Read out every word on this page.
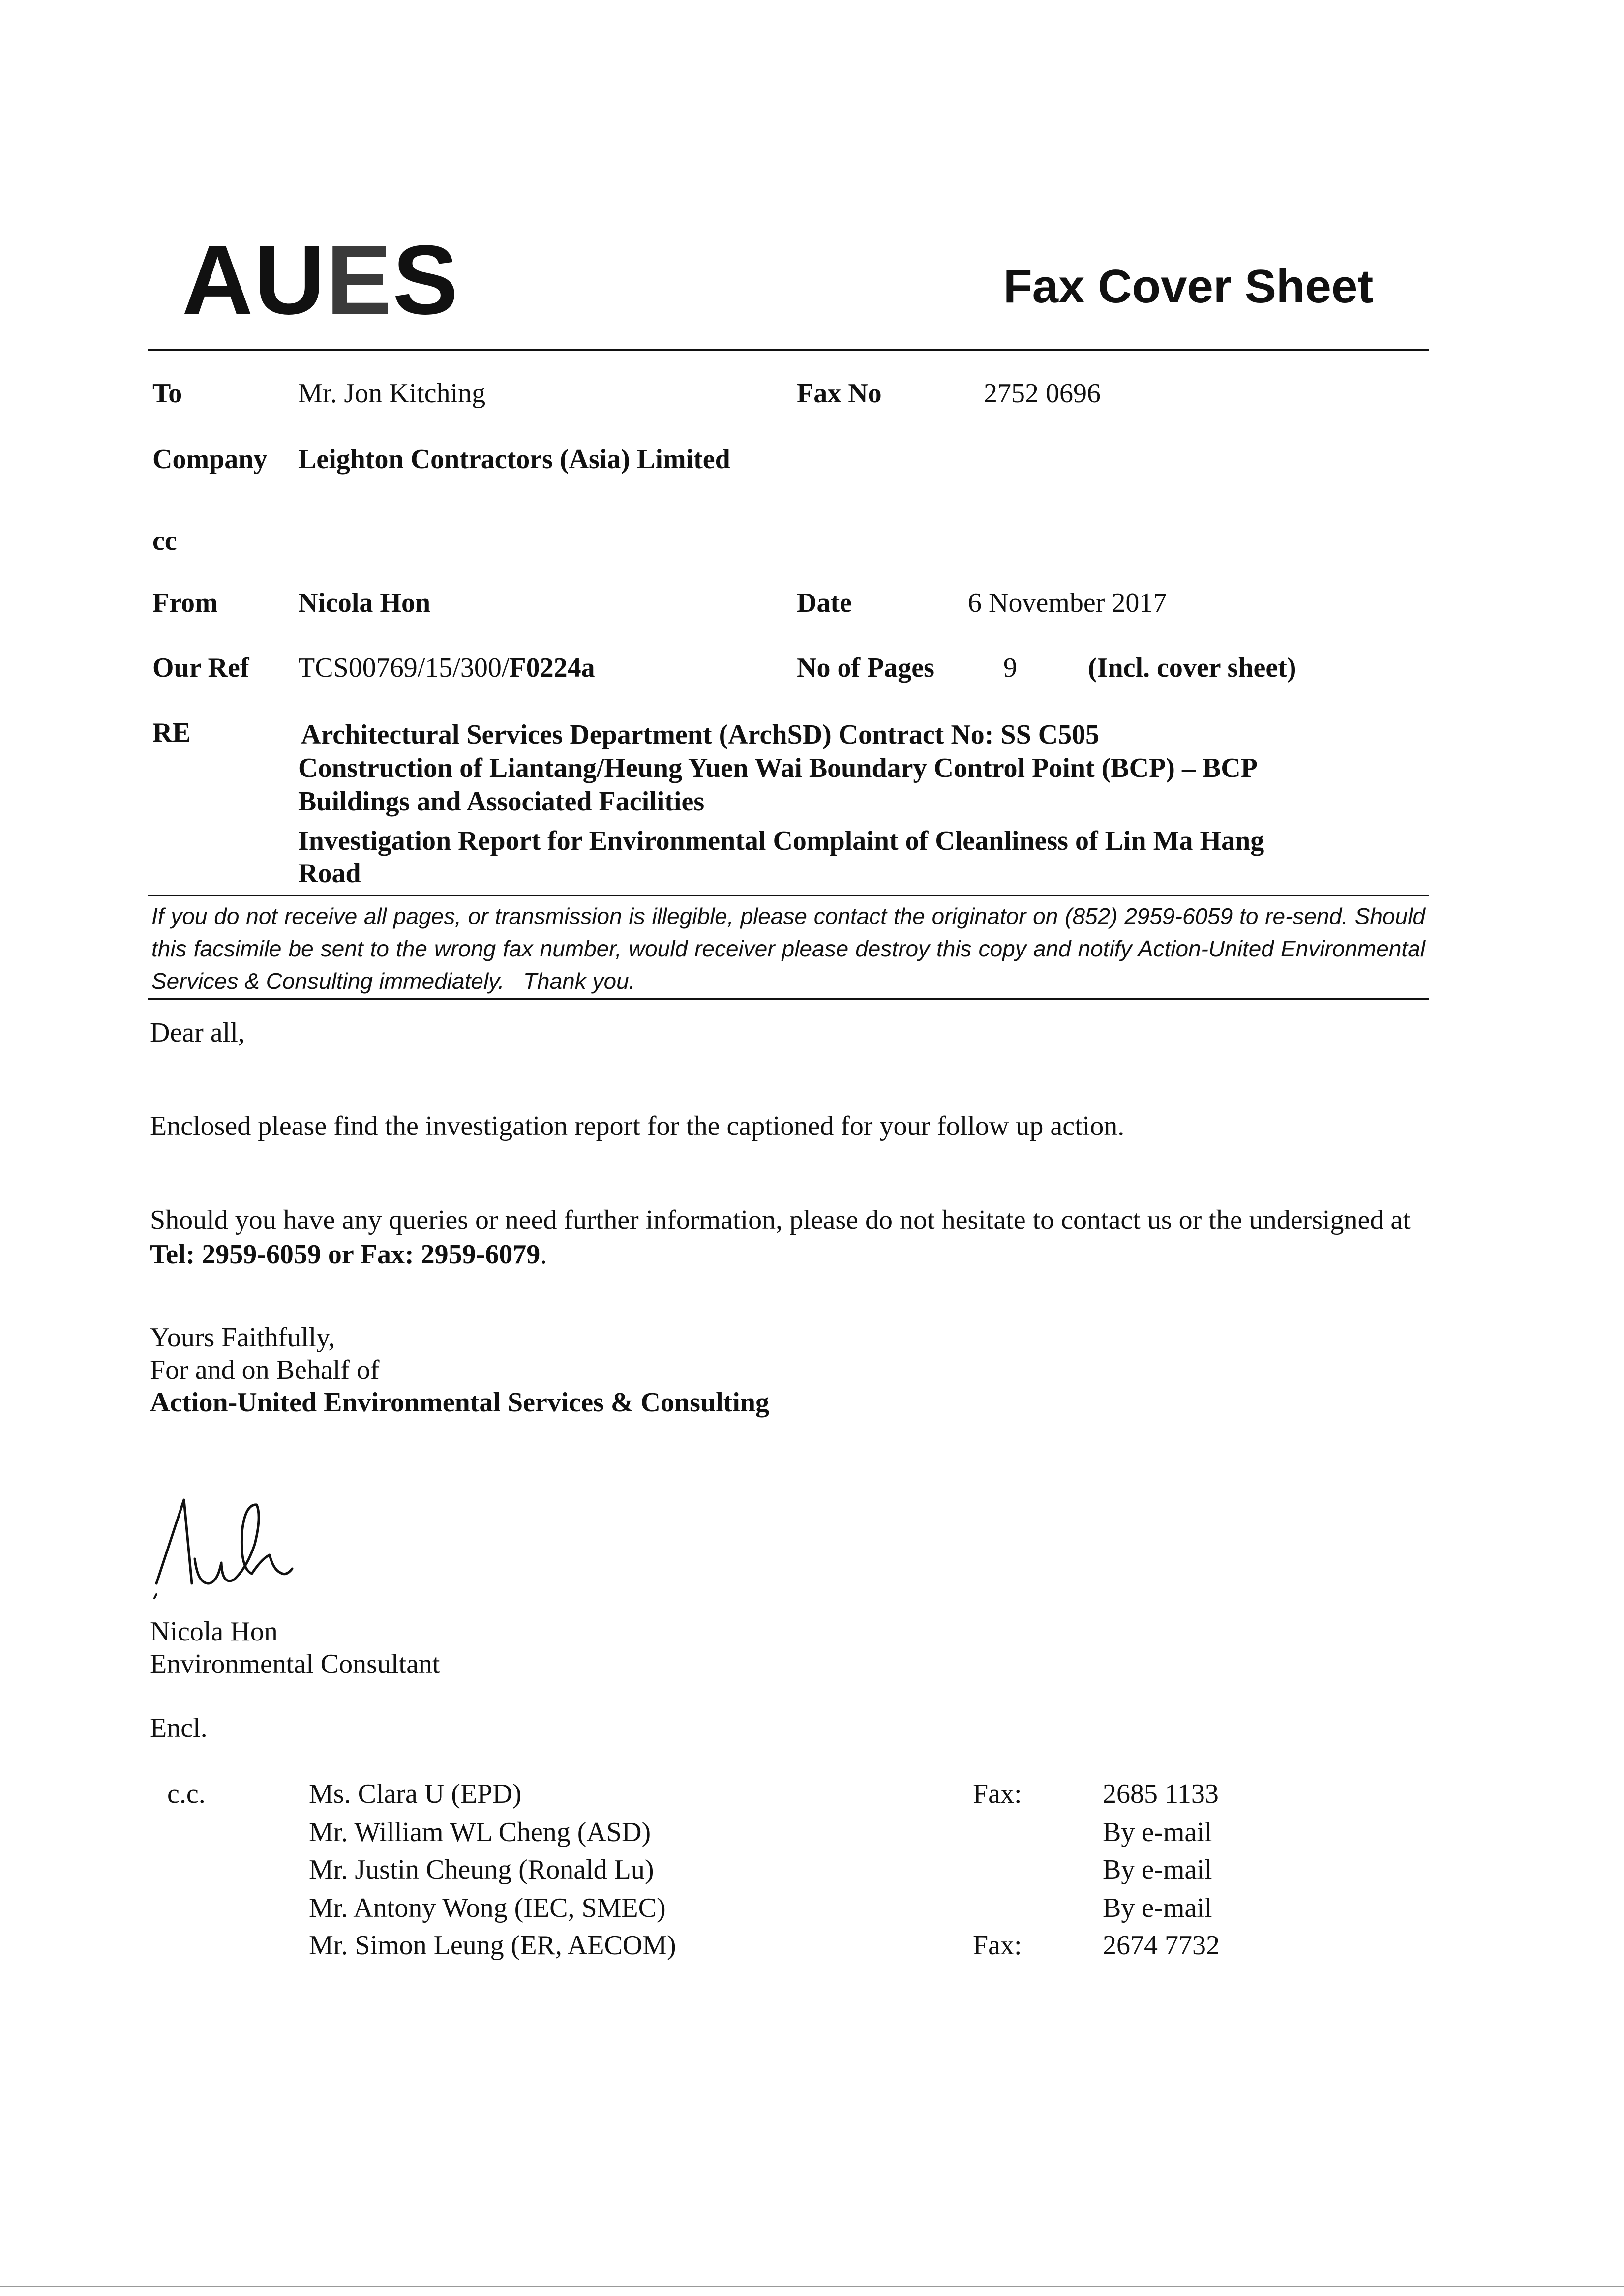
AUES	Fax Cover Sheet
To	Mr. Jon Kitching	Fax No	2752 0696
Company Leighton Contractors (Asia) Limited
cc
From	Nicola Hon	Date	6 November 2017
Our Ref TCS00769/15/300/F0224a	No of Pages	9	(Incl. cover sheet)
RE	Architectural Services Department (ArchSD) Contract No: SS C505
Construction of Liantang/Heung Yuen Wai Boundary Control Point (BCP) – BCP
Buildings and Associated Facilities
Investigation Report for Environmental Complaint of Cleanliness of Lin Ma Hang
Road
If you do not receive all pages, or transmission is illegible, please contact the originator on (852) 2959-6059 to re-send. Should this facsimile be sent to the wrong fax number, would receiver please destroy this copy and notify Action-United Environmental Services & Consulting immediately. Thank you.
Dear all,
Enclosed please find the investigation report for the captioned for your follow up action.
Should you have any queries or need further information, please do not hesitate to contact us or the undersigned at Tel: 2959-6059 or Fax: 2959-6079.
Yours Faithfully,
For and on Behalf of
Action-United Environmental Services & Consulting
Nicola Hon
Environmental Consultant
Encl.
c.c.	Ms. Clara U (EPD)	Fax:	2685 1133
Mr. William WL Cheng (ASD)	By e-mail
Mr. Justin Cheung (Ronald Lu)	By e-mail
Mr. Antony Wong (IEC, SMEC)	By e-mail
Mr. Simon Leung (ER, AECOM)	Fax:	2674 7732
